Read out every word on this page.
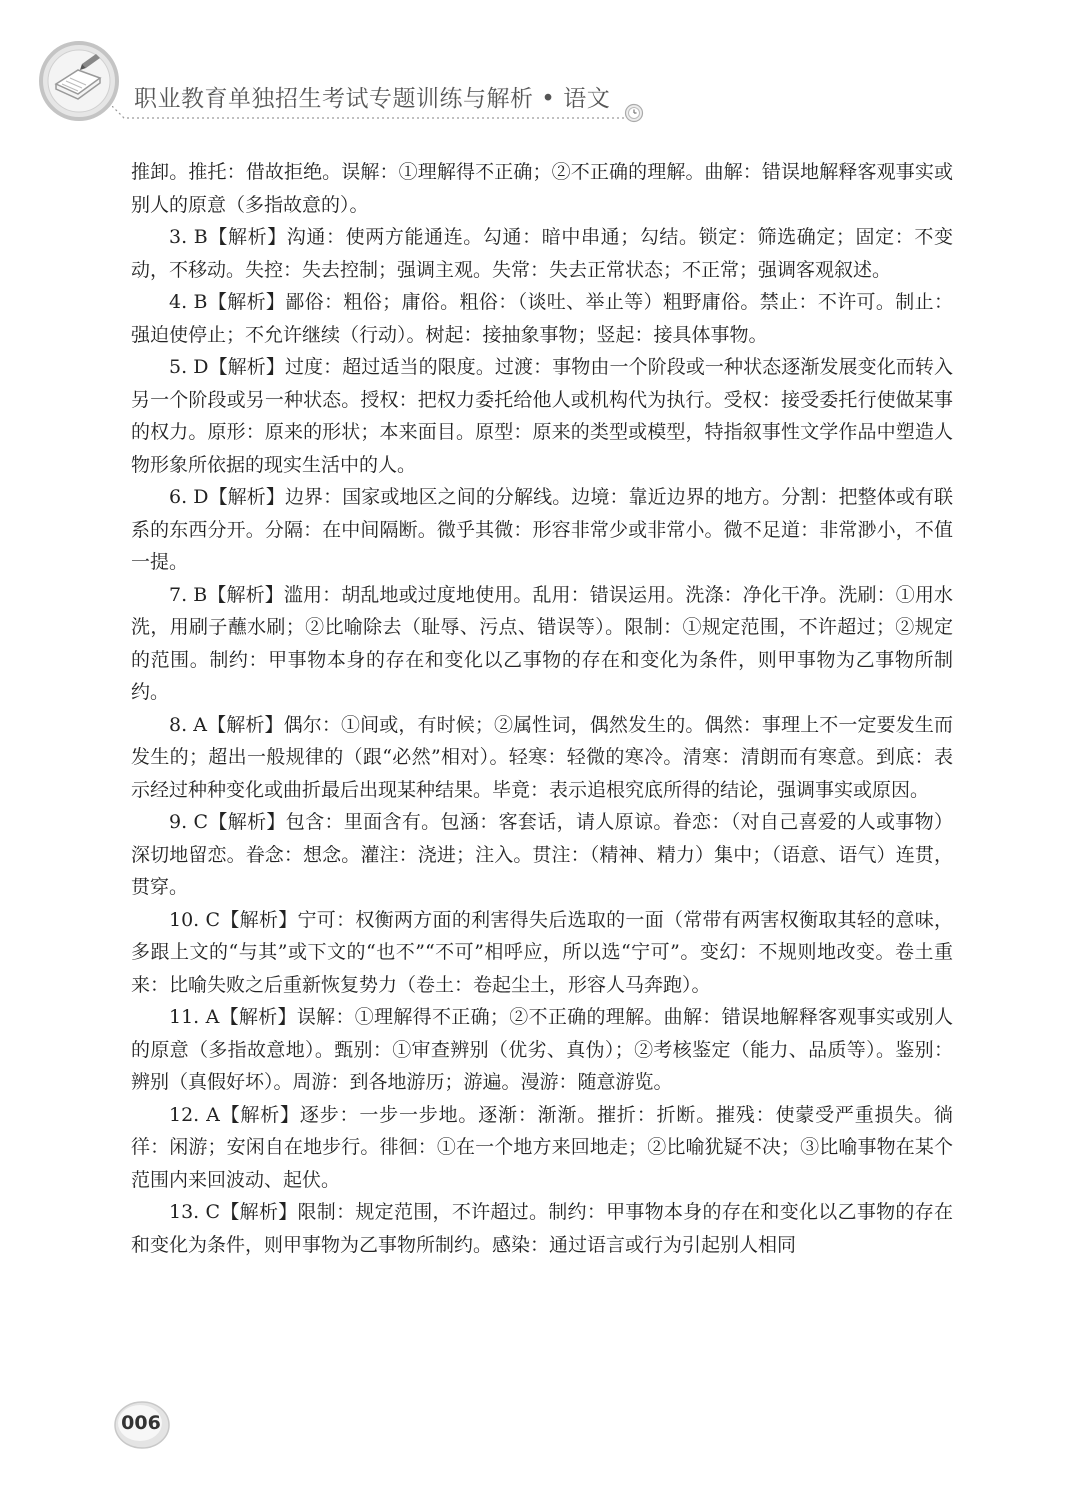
职业教育单独招生考试专题训练与解析 • 语文

推卸。推托：借故拒绝。误解：①理解得不正确；②不正确的理解。曲解：错误地解释客观事实或别人的原意（多指故意的）。

3. B【解析】沟通：使两方能通连。勾通：暗中串通；勾结。锁定：筛选确定；固定：不变动，不移动。失控：失去控制；强调主观。失常：失去正常状态；不正常；强调客观叙述。

4. B【解析】鄙俗：粗俗；庸俗。粗俗：（谈吐、举止等）粗野庸俗。禁止：不许可。制止：强迫使停止；不允许继续（行动）。树起：接抽象事物；竖起：接具体事物。

5. D【解析】过度：超过适当的限度。过渡：事物由一个阶段或一种状态逐渐发展变化而转入另一个阶段或另一种状态。授权：把权力委托给他人或机构代为执行。受权：接受委托行使做某事的权力。原形：原来的形状；本来面目。原型：原来的类型或模型，特指叙事性文学作品中塑造人物形象所依据的现实生活中的人。

6. D【解析】边界：国家或地区之间的分解线。边境：靠近边界的地方。分割：把整体或有联系的东西分开。分隔：在中间隔断。微乎其微：形容非常少或非常小。微不足道：非常渺小，不值一提。

7. B【解析】滥用：胡乱地或过度地使用。乱用：错误运用。洗涤：净化干净。洗刷：①用水洗，用刷子蘸水刷；②比喻除去（耻辱、污点、错误等）。限制：①规定范围，不许超过；②规定的范围。制约：甲事物本身的存在和变化以乙事物的存在和变化为条件，则甲事物为乙事物所制约。

8. A【解析】偶尔：①间或，有时候；②属性词，偶然发生的。偶然：事理上不一定要发生而发生的；超出一般规律的（跟“必然”相对）。轻寒：轻微的寒冷。清寒：清朗而有寒意。到底：表示经过种种变化或曲折最后出现某种结果。毕竟：表示追根究底所得的结论，强调事实或原因。

9. C【解析】包含：里面含有。包涵：客套话，请人原谅。眷恋：（对自己喜爱的人或事物）深切地留恋。眷念：想念。灌注：浇进；注入。贯注：（精神、精力）集中；（语意、语气）连贯，贯穿。

10. C【解析】宁可：权衡两方面的利害得失后选取的一面（常带有两害权衡取其轻的意味，多跟上文的“与其”或下文的“也不”“不可”相呼应，所以选“宁可”。变幻：不规则地改变。卷土重来：比喻失败之后重新恢复势力（卷土：卷起尘土，形容人马奔跑）。

11. A【解析】误解：①理解得不正确；②不正确的理解。曲解：错误地解释客观事实或别人的原意（多指故意地）。甄别：①审查辨别（优劣、真伪）；②考核鉴定（能力、品质等）。鉴别：辨别（真假好坏）。周游：到各地游历；游遍。漫游：随意游览。

12. A【解析】逐步：一步一步地。逐渐：渐渐。摧折：折断。摧残：使蒙受严重损失。徜徉：闲游；安闲自在地步行。徘徊：①在一个地方来回地走；②比喻犹疑不决；③比喻事物在某个范围内来回波动、起伏。

13. C【解析】限制：规定范围，不许超过。制约：甲事物本身的存在和变化以乙事物的存在和变化为条件，则甲事物为乙事物所制约。感染：通过语言或行为引起别人相同

006
